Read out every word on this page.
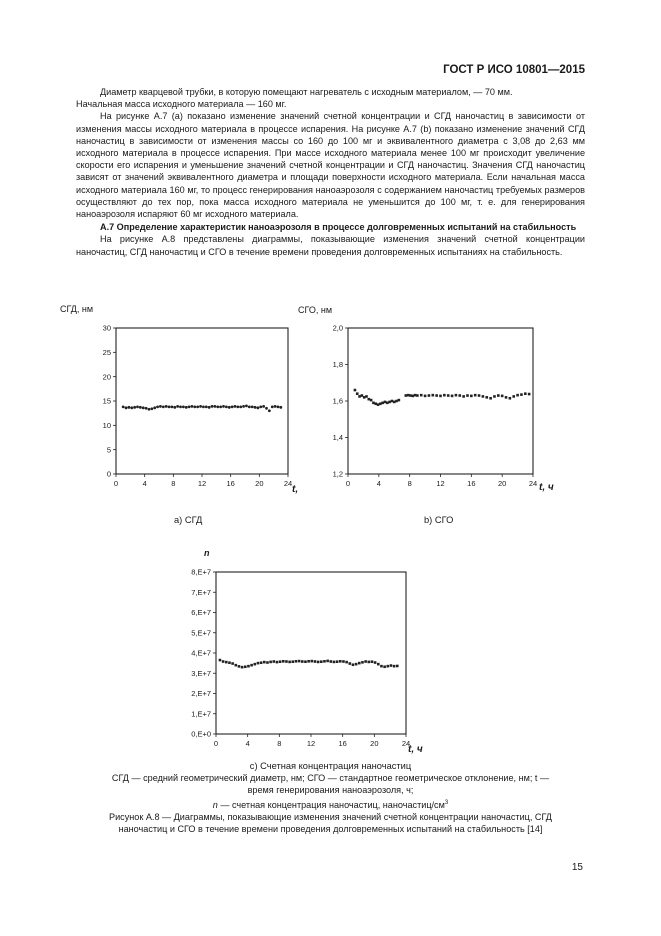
ГОСТ Р ИСО 10801—2015

Диаметр кварцевой трубки, в которую помещают нагреватель с исходным материалом, — 70 мм.

Начальная масса исходного материала — 160 мг.

На рисунке А.7 (а) показано изменение значений счетной концентрации и СГД наночастиц в зависимости от изменения массы исходного материала в процессе испарения. На рисунке А.7 (b) показано изменение значений СГД наночастиц в зависимости от изменения массы со 160 до 100 мг и эквивалентного диаметра с 3,08 до 2,63 мм исходного материала в процессе испарения. При массе исходного материала менее 100 мг происходит увеличение скорости его испарения и уменьшение значений счетной концентрации и СГД наночастиц. Значения СГД наночастиц зависят от значений эквивалентного диаметра и площади поверхности исходного материала. Если начальная масса исходного материала 160 мг, то процесс генерирования наноаэрозоля с содержанием наночастиц требуемых размеров осуществляют до тех пор, пока масса исходного материала не уменьшится до 100 мг, т. е. для генерирования наноаэрозоля испаряют 60 мг исходного материала.

А.7 Определение характеристик наноаэрозоля в процессе долговременных испытаний на стабильность

На рисунке А.8 представлены диаграммы, показывающие изменения значений счетной концентрации наночастиц, СГД наночастиц и СГО в течение времени проведения долговременных испытаниях на стабильность.

0
5
10
15
20
25
30
0	4	8	12	16	20	24
СГД, нм
t,
1,2
1,4
1,6
1,8
2,0
0	4	8	12	16	20	24
СГО, нм
t, ч
0,E+0
1,E+7
2,E+7
3,E+7
4,E+7
5,E+7
6,E+7
7,E+7
8,E+7
0	4	8	12	16	20	24
n
t, ч
a) СГД	b) СГО
c) Счетная концентрация наночастиц
СГД — средний геометрический диаметр, нм; СГО — стандартное геометрическое отклонение, нм; t —
время генерирования наноаэрозоля, ч;
n — счетная концентрация наночастиц, наночастиц/$см^3$
Рисунок А.8 — Диаграммы, показывающие изменения значений счетной концентрации наночастиц, СГД
наночастиц и СГО в течение времени проведения долговременных испытаний на стабильность [14]
15
